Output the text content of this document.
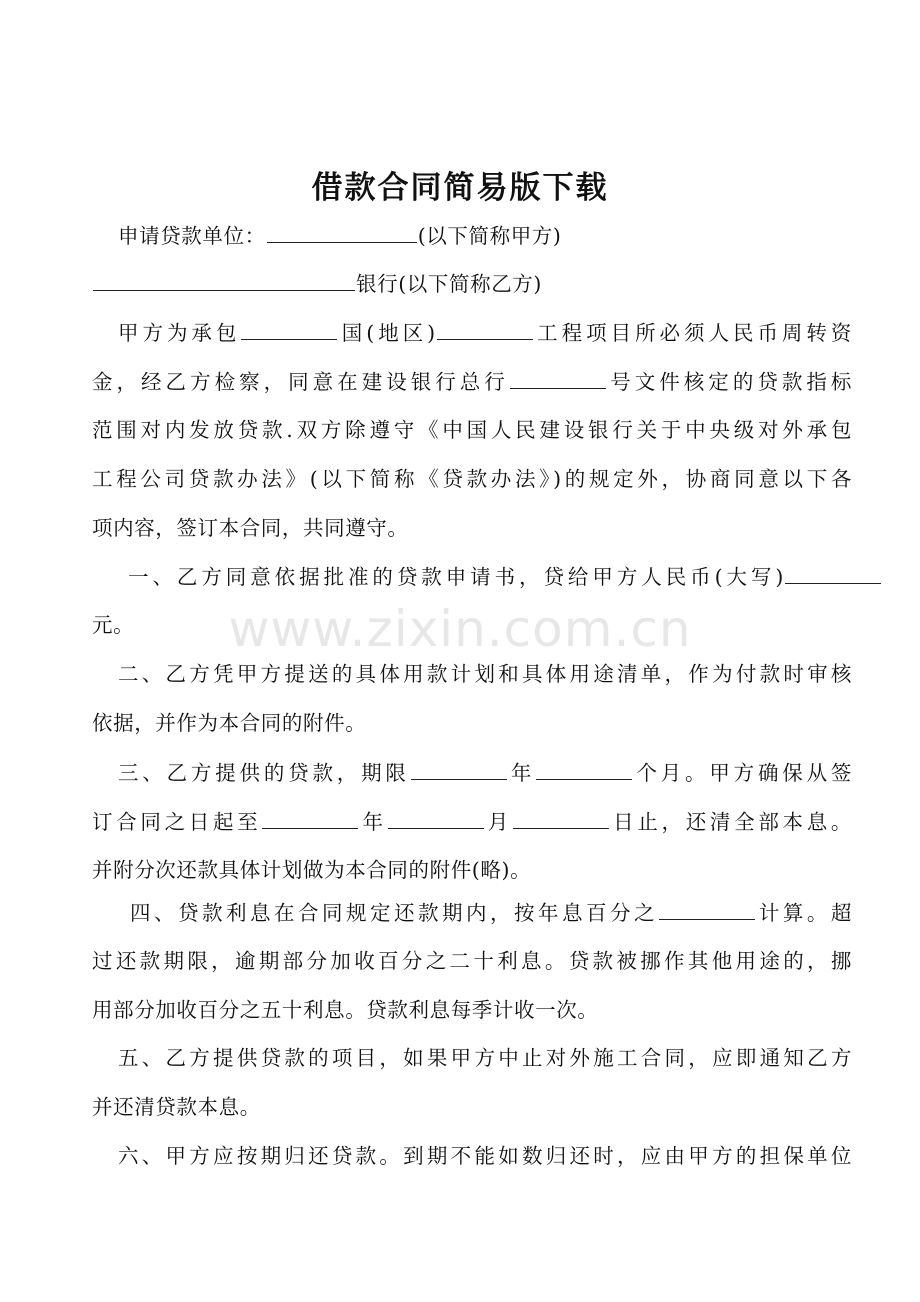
借款合同简易版下载
申请贷款单位：	(以下简称甲方)
银行(以下简称乙方)
甲方为承包	国(地区)	工程项目所必须人民币周转资
金，经乙方检察，同意在建设银行总行	号文件核定的贷款指标
范围对内发放贷款.双方除遵守《中国人民建设银行关于中央级对外承包
工程公司贷款办法》(以下简称《贷款办法》)的规定外，协商同意以下各
项内容，签订本合同，共同遵守。
一、乙方同意依据批准的贷款申请书，贷给甲方人民币(大写)
元。
二、乙方凭甲方提送的具体用款计划和具体用途清单，作为付款时审核
依据，并作为本合同的附件。
三、乙方提供的贷款，期限	年	个月。甲方确保从签
订合同之日起至	年	月	日止，还清全部本息。
并附分次还款具体计划做为本合同的附件(略)。
四、贷款利息在合同规定还款期内，按年息百分之	计算。超
过还款期限，逾期部分加收百分之二十利息。贷款被挪作其他用途的，挪
用部分加收百分之五十利息。贷款利息每季计收一次。
五、乙方提供贷款的项目，如果甲方中止对外施工合同，应即通知乙方
并还清贷款本息。
六、甲方应按期归还贷款。到期不能如数归还时，应由甲方的担保单位
www.zixin.com.cn
